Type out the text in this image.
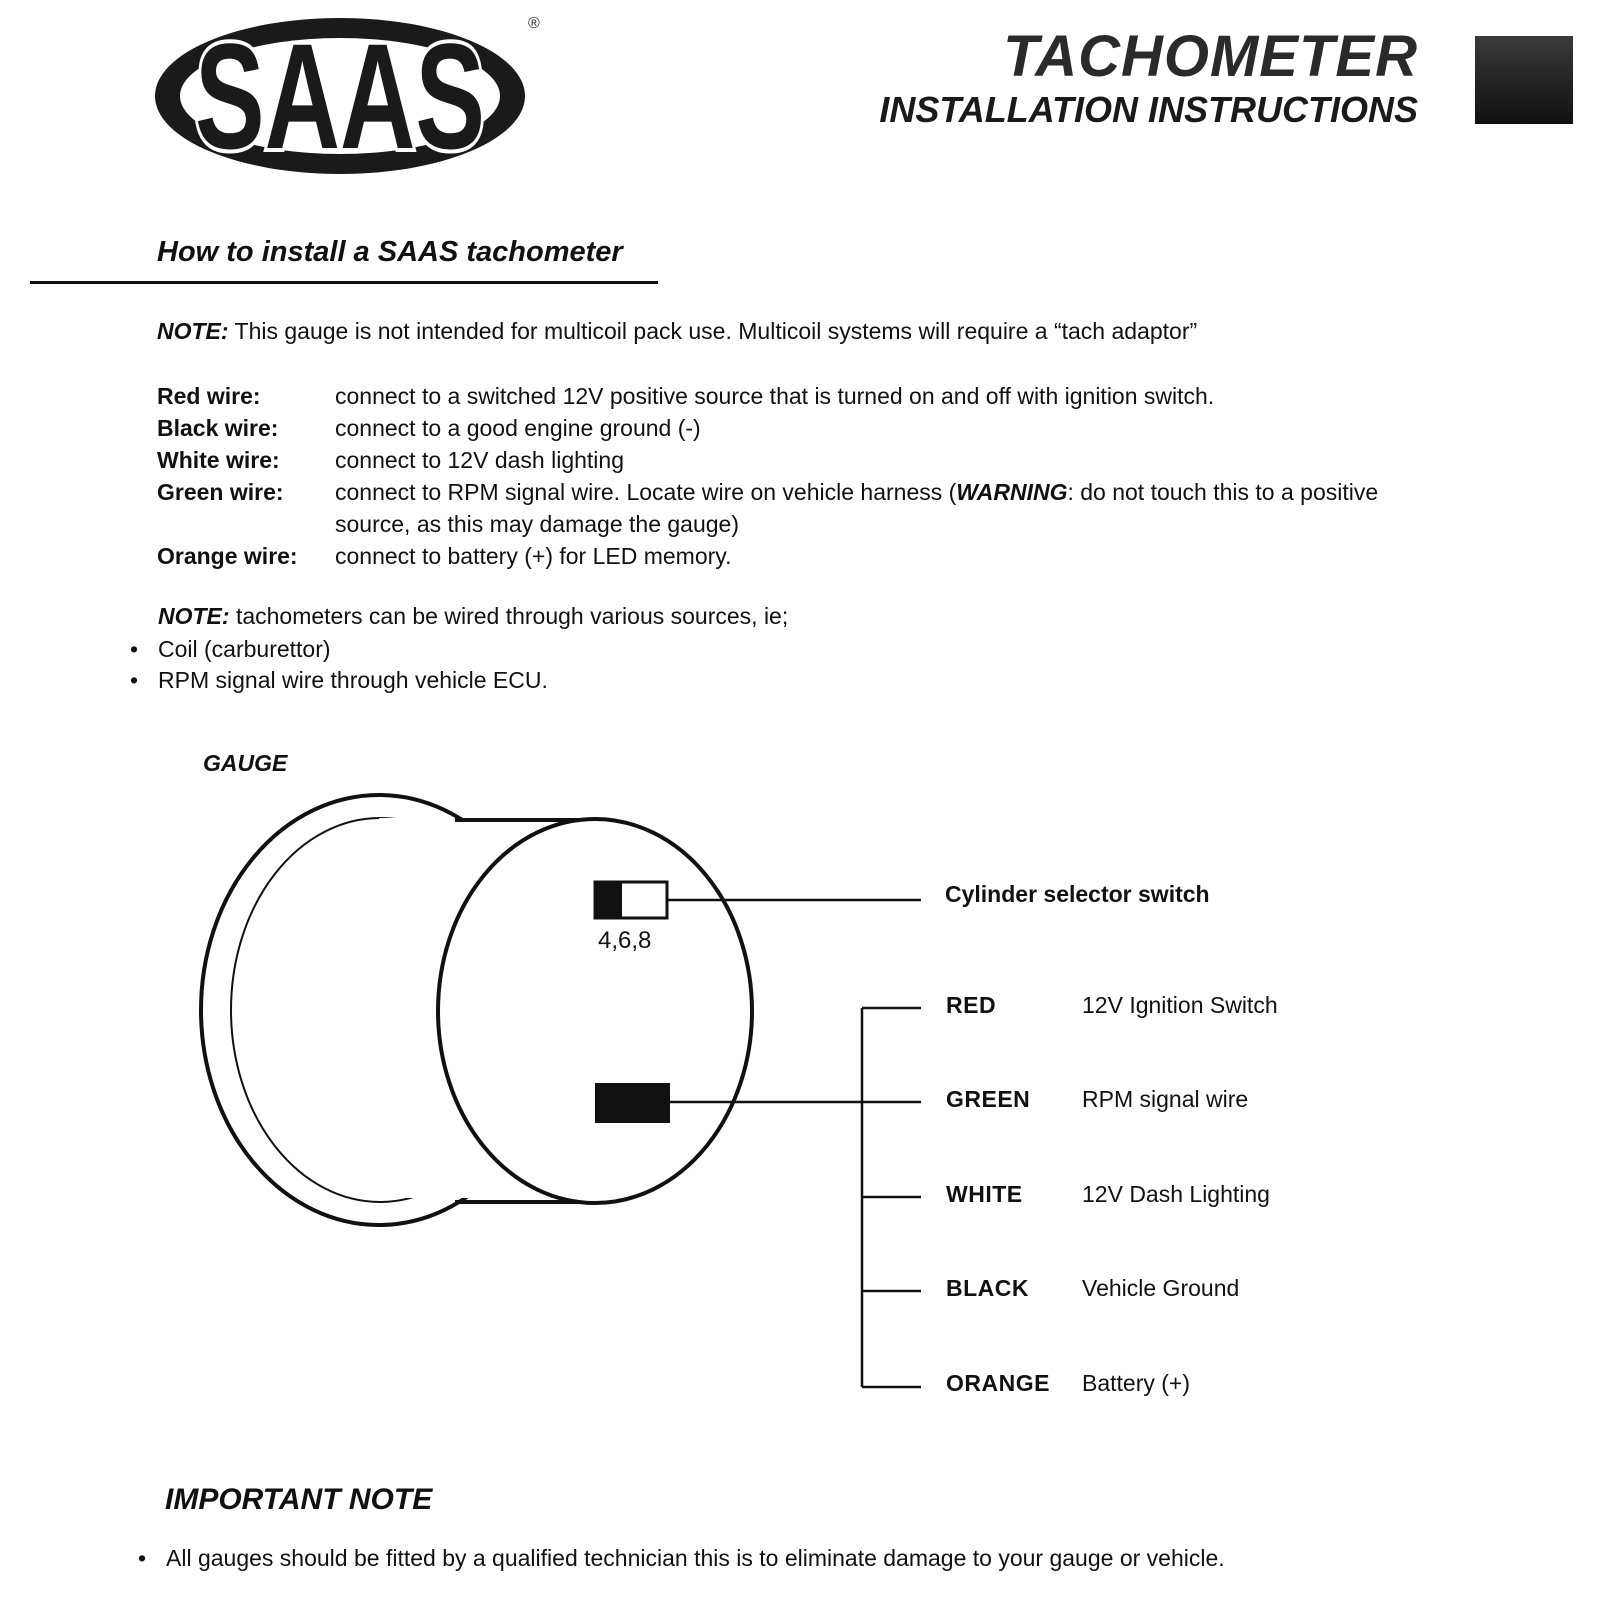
SAAS	®
TACHOMETER
INSTALLATION INSTRUCTIONS
How to install a SAAS tachometer
NOTE: This gauge is not intended for multicoil pack use. Multicoil systems will require a “tach adaptor”
Red wire:	connect to a switched 12V positive source that is turned on and off with ignition switch.
Black wire:	connect to a good engine ground (-)
White wire:	connect to 12V dash lighting
Green wire:	connect to RPM signal wire. Locate wire on vehicle harness (WARNING: do not touch this to a positive source, as this may damage the gauge)
Orange wire:	connect to battery (+) for LED memory.
NOTE: tachometers can be wired through various sources, ie;
• Coil (carburettor)
• RPM signal wire through vehicle ECU.
GAUGE
Cylinder selector switch
4,6,8
RED	12V Ignition Switch
GREEN RPM signal wire
WHITE	12V Dash Lighting
BLACK Vehicle Ground
ORANGE Battery (+)
IMPORTANT NOTE
• All gauges should be fitted by a qualified technician this is to eliminate damage to your gauge or vehicle.
